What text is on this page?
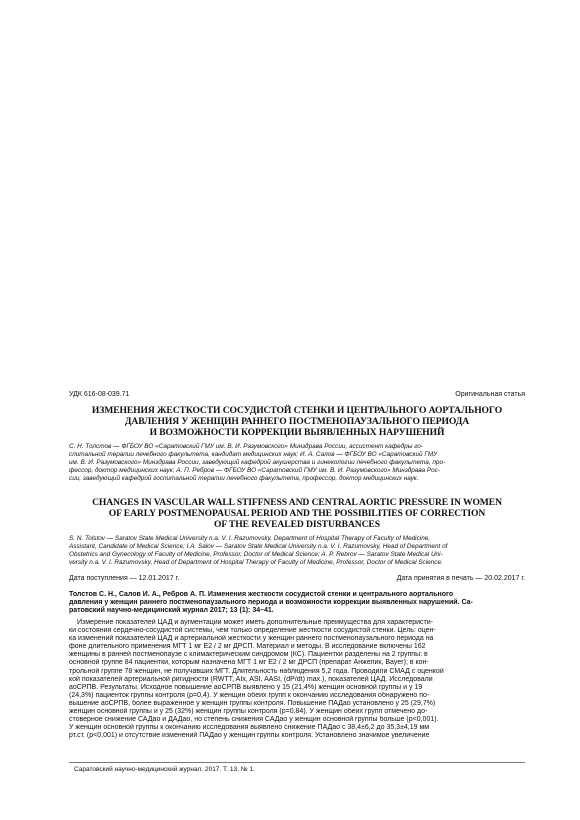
УДК 616-08-039.71	Оригинальная статья
ИЗМЕНЕНИЯ ЖЕСТКОСТИ СОСУДИСТОЙ СТЕНКИ И ЦЕНТРАЛЬНОГО АОРТАЛЬНОГО
ДАВЛЕНИЯ У ЖЕНЩИН РАННЕГО ПОСТМЕНОПАУЗАЛЬНОГО ПЕРИОДА
И ВОЗМОЖНОСТИ КОРРЕКЦИИ ВЫЯВЛЕННЫХ НАРУШЕНИЙ
С. Н. Толстов — ФГБОУ ВО «Саратовский ГМУ им. В. И. Разумовского» Минздрава России, ассистент кафедры го-
спитальной терапии лечебного факультета, кандидат медицинских наук; И. А. Салов — ФГБОУ ВО «Саратовский ГМУ
им. В. И. Разумовского» Минздрава России, заведующий кафедрой акушерства и гинекологии лечебного факультета, про-
фессор, доктор медицинских наук; А. П. Ребров — ФГБОУ ВО «Саратовский ГМУ им. В. И. Разумовского» Минздрава Рос-
сии, заведующий кафедрой госпитальной терапии лечебного факультета, профессор, доктор медицинских наук.
CHANGES IN VASCULAR WALL STIFFNESS AND CENTRAL AORTIC PRESSURE IN WOMEN
OF EARLY POSTMENOPAUSAL PERIOD AND THE POSSIBILITIES OF CORRECTION
OF THE REVEALED DISTURBANCES
S. N. Tolstov — Saratov State Medical University n.a. V. I. Razumovsky, Department of Hospital Therapy of Faculty of Medicine,
Assistant, Candidate of Medical Science; I.A. Salov — Saratov State Medical University n.a. V. I. Razumovsky, Head of Department of
Obstetrics and Gynecology of Faculty of Medicine, Professor, Doctor of Medical Science; A. P. Rebrov — Saratov State Medical Uni-
versity n.a. V. I. Razumovsky, Head of Department of Hospital Therapy of Faculty of Medicine, Professor, Doctor of Medical Science.
Дата поступления — 12.01.2017 г.	Дата принятия в печать — 20.02.2017 г.
Толстов С. Н., Салов И. А., Ребров А. П. Изменения жесткости сосудистой стенки и центрального аортального
давления у женщин раннего постменопаузального периода и возможности коррекции выявленных нарушений. Са-
ратовский научно-медицинский журнал 2017; 13 (1): 34–41.
Измерение показателей ЦАД и аугментации может иметь дополнительные преимущества для характеристи-
ки состояния сердечно-сосудистой системы, чем только определение жесткости сосудистой стенки. Цель: оцен-
ка изменений показателей ЦАД и артериальной жесткости у женщин раннего постменопаузального периода на
фоне длительного применения МГТ 1 мг E2 / 2 мг ДРСП. Материал и методы. В исследование включены 162
женщины в ранней постменопаузе с климактерическим синдромом (КС). Пациентки разделены на 2 группы: в
основной группе 84 пациентки, которым назначена МГТ 1 мг E2 / 2 мг ДРСП (препарат Анжелик, Bayer); в кон-
трольной группе 78 женщин, не получавших МГТ. Длительность наблюдения 5,2 года. Проводили СМАД с оценкой
кой показателей артериальной ригидности (RWTT, AIx, ASI, AASI, (dP/dt) max.), показателей ЦАД. Исследовали
аоСРПВ. Результаты. Исходное повышение аоСРПВ выявлено у 15 (21,4%) женщин основной группы и у 19
(24,3%) пациенток группы контроля (p=0,4). У женщин обеих групп к окончанию исследования обнаружено по-
вышение аоСРПВ, более выраженное у женщин группы контроля. Повышение ПАДао установлено у 25 (29,7%)
женщин основной группы и у 25 (32%) женщин группы контроля (p=0,84). У женщин обеих групп отмечено до-
стоверное снижение САДао и ДАДао, но степень снижения САДао у женщин основной группы больше (p<0,001).
У женщин основной группы к окончанию исследования выявлено снижение ПАДао с 38,4±6,2 до 35,3±4,19 мм
рт.ст. (p<0,001) и отсутствие изменений ПАДао у женщин группы контроля. Установлено значимое увеличение
Саратовский научно-медицинский журнал. 2017. Т. 13, № 1.
